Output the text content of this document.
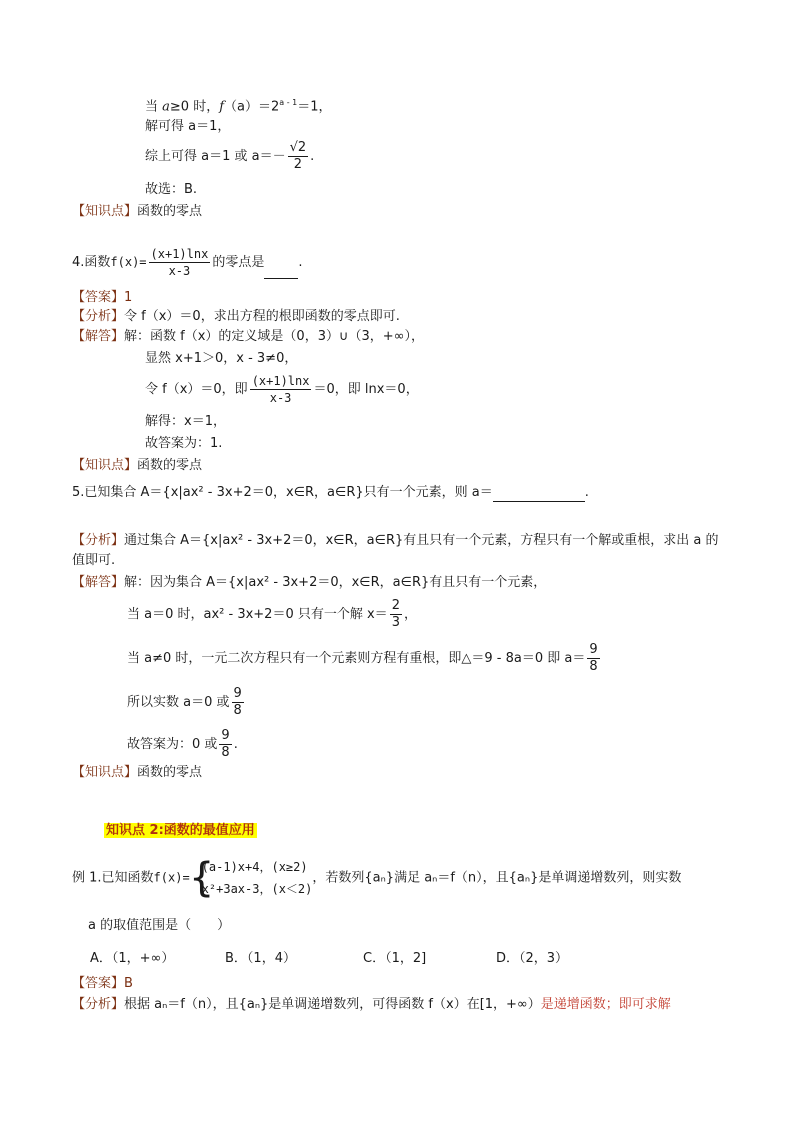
当 a≥0 时，$f(a)=2^{a - 1}=1$，
解可得 a＝1，
综上可得 a＝1 或 $a=- \frac{√2}{2}$ .
故选：B.
【知识点】函数的零点
4.函数$f(x)= \frac{(x+1)\ln x}{x-3}$ 的零点是	.
【答案】1
【分析】令 f（x）＝0，求出方程的根即函数的零点即可.
【解答】解：函数 f（x）的定义域是（0，3）∪（3，+∞），
显然 x+1＞0，x - 3≠0，
令 f（x）＝0，即 $\frac{(x+1)\ln x}{x-3} =0$，即 lnx＝0，
解得：x＝1，
故答案为：1.
【知识点】函数的零点
5.已知集合 A＝{x|ax² - 3x+2＝0，x∈R，a∈R}只有一个元素，则 a＝	.
【分析】通过集合 A＝{x|ax² - 3x+2＝0，x∈R，a∈R}有且只有一个元素，方程只有一个解或重根，求出 a 的
值即可.
【解答】解：因为集合 A＝{x|ax² - 3x+2＝0，x∈R，a∈R}有且只有一个元素，
当 a＝0 时，ax² - 3x+2＝0 只有一个解 $x= \frac{2}{3}$ ，
当 a≠0 时，一元二次方程只有一个元素则方程有重根，即△＝9 - 8a＝0 即 $a= \frac{9}{8}$
所以实数 a＝0 或 $\frac{9}{8}$
故答案为：0 或 $\frac{9}{8}$ .
【知识点】函数的零点
知识点 2:函数的最值应用
例 1.已知函数f(x)= {
(a-1)x+4，(x≥2)
x²+3ax-3，(x＜2)
，若数列{aₙ}满足 aₙ＝f（n），且{aₙ}是单调递增数列，则实数
a 的取值范围是（　　）
A．（1，+∞）	B．（1，4）	C．（1，2]	D．（2，3）
【答案】B
【分析】根据 aₙ＝f（n），且{aₙ}是单调递增数列，可得函数 f（x）在[1，+∞）是递增函数；即可求解
